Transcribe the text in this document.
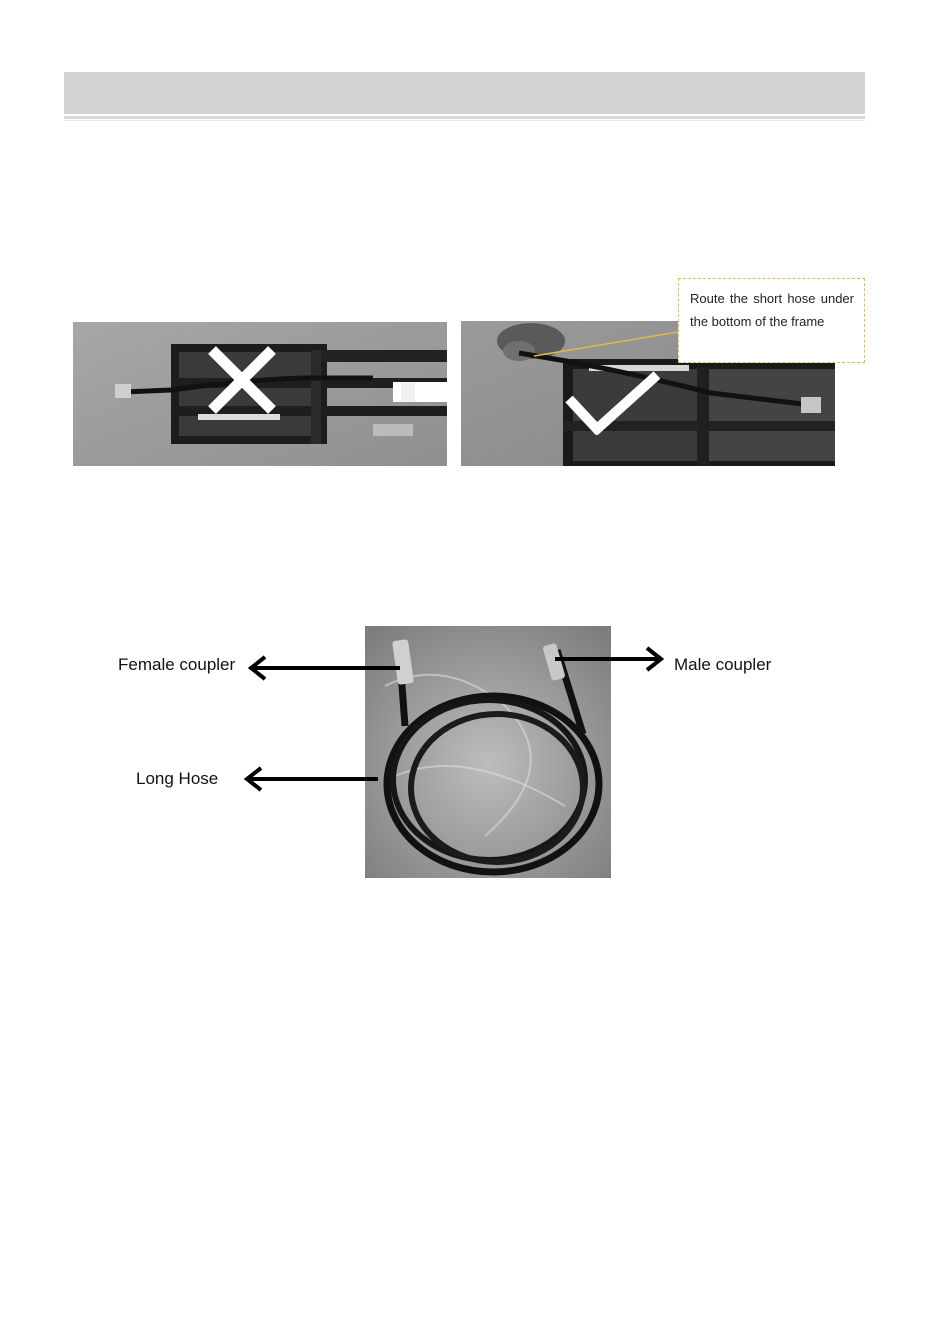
Route the short hose under the bottom of the frame
Female coupler	Male coupler
Long Hose
